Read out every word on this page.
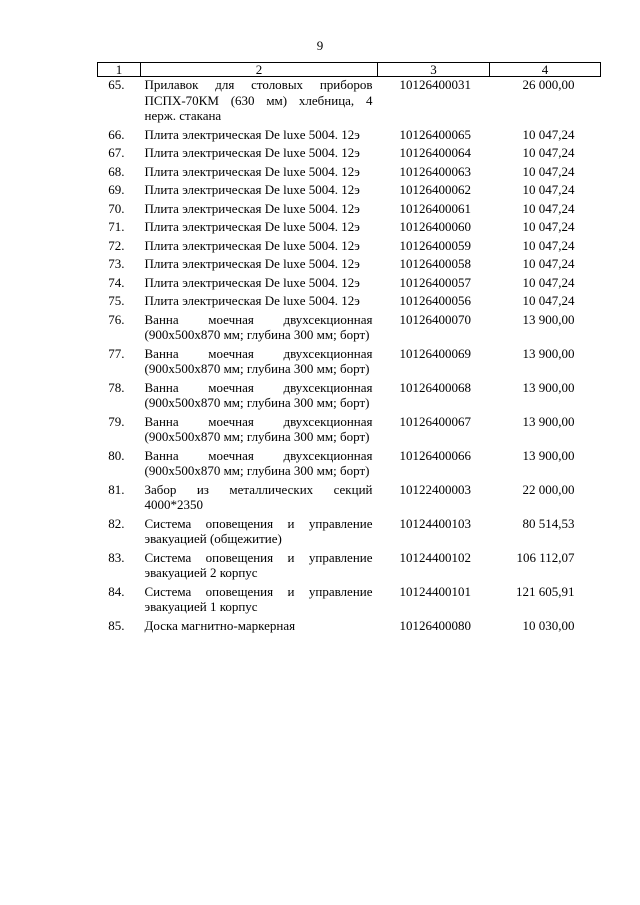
9
1	2	3	4
65.	Прилавок для столовых приборов ПСПХ-70КМ (630 мм) хлебница, 4 нерж. стакана	10126400031	26 000,00
66.	Плита электрическая De luxe 5004. 12э	10126400065	10 047,24
67.	Плита электрическая De luxe 5004. 12э	10126400064	10 047,24
68.	Плита электрическая De luxe 5004. 12э	10126400063	10 047,24
69.	Плита электрическая De luxe 5004. 12э	10126400062	10 047,24
70.	Плита электрическая De luxe 5004. 12э	10126400061	10 047,24
71.	Плита электрическая De luxe 5004. 12э	10126400060	10 047,24
72.	Плита электрическая De luxe 5004. 12э	10126400059	10 047,24
73.	Плита электрическая De luxe 5004. 12э	10126400058	10 047,24
74.	Плита электрическая De luxe 5004. 12э	10126400057	10 047,24
75.	Плита электрическая De luxe 5004. 12э	10126400056	10 047,24
76.	Ванна моечная двухсекционная (900х500х870 мм; глубина 300 мм; борт)	10126400070	13 900,00
77.	Ванна моечная двухсекционная (900х500х870 мм; глубина 300 мм; борт)	10126400069	13 900,00
78.	Ванна моечная двухсекционная (900х500х870 мм; глубина 300 мм; борт)	10126400068	13 900,00
79.	Ванна моечная двухсекционная (900х500х870 мм; глубина 300 мм; борт)	10126400067	13 900,00
80.	Ванна моечная двухсекционная (900х500х870 мм; глубина 300 мм; борт)	10126400066	13 900,00
81.	Забор из металлических секций 4000*2350	10122400003	22 000,00
82.	Система оповещения и управление эвакуацией (общежитие)	10124400103	80 514,53
83.	Система оповещения и управление эвакуацией 2 корпус	10124400102	106 112,07
84.	Система оповещения и управление эвакуацией 1 корпус	10124400101	121 605,91
85.	Доска магнитно-маркерная	10126400080	10 030,00
